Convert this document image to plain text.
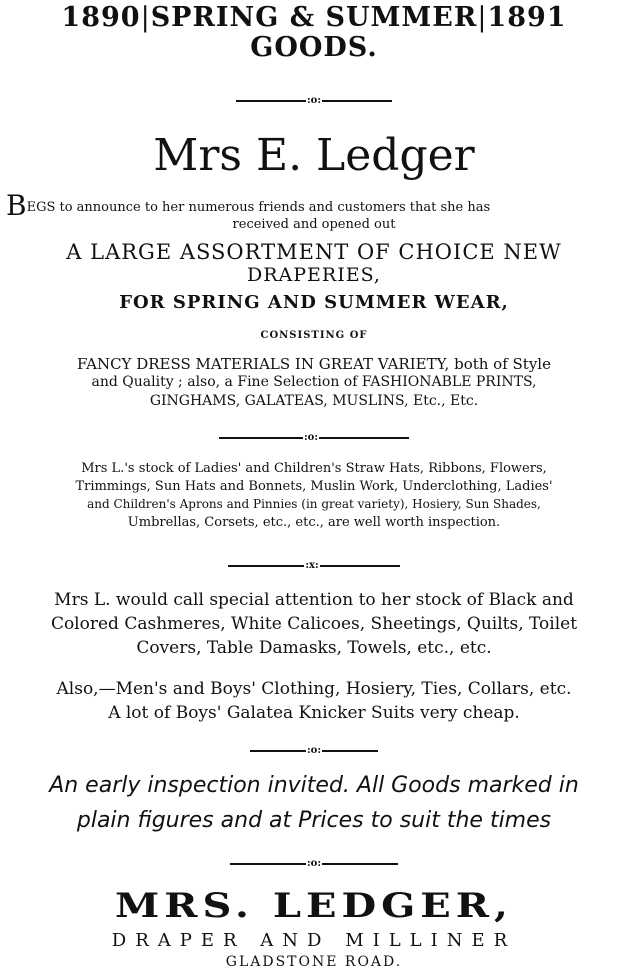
1890|SPRING & SUMMER|1891
GOODS.
:o:
Mrs E. Ledger
BEGS to announce to her numerous friends and customers that she has
received and opened out
A LARGE ASSORTMENT OF CHOICE NEW
DRAPERIES,
FOR SPRING AND SUMMER WEAR,
CONSISTING OF
FANCY DRESS MATERIALS IN GREAT VARIETY, both of Style
and Quality ; also, a Fine Selection of FASHIONABLE PRINTS,
GINGHAMS, GALATEAS, MUSLINS, Etc., Etc.
:o:
Mrs L.'s stock of Ladies' and Children's Straw Hats, Ribbons, Flowers,
Trimmings, Sun Hats and Bonnets, Muslin Work, Underclothing, Ladies'
and Children's Aprons and Pinnies (in great variety), Hosiery, Sun Shades,
Umbrellas, Corsets, etc., etc., are well worth inspection.
:x:
Mrs L. would call special attention to her stock of Black and
Colored Cashmeres, White Calicoes, Sheetings, Quilts, Toilet
Covers, Table Damasks, Towels, etc., etc.
Also,—Men's and Boys' Clothing, Hosiery, Ties, Collars, etc.
A lot of Boys' Galatea Knicker Suits very cheap.
:o:
An early inspection invited. All Goods marked in
plain figures and at Prices to suit the times
:o:
MRS. LEDGER,
DRAPER AND MILLINER
GLADSTONE ROAD.
